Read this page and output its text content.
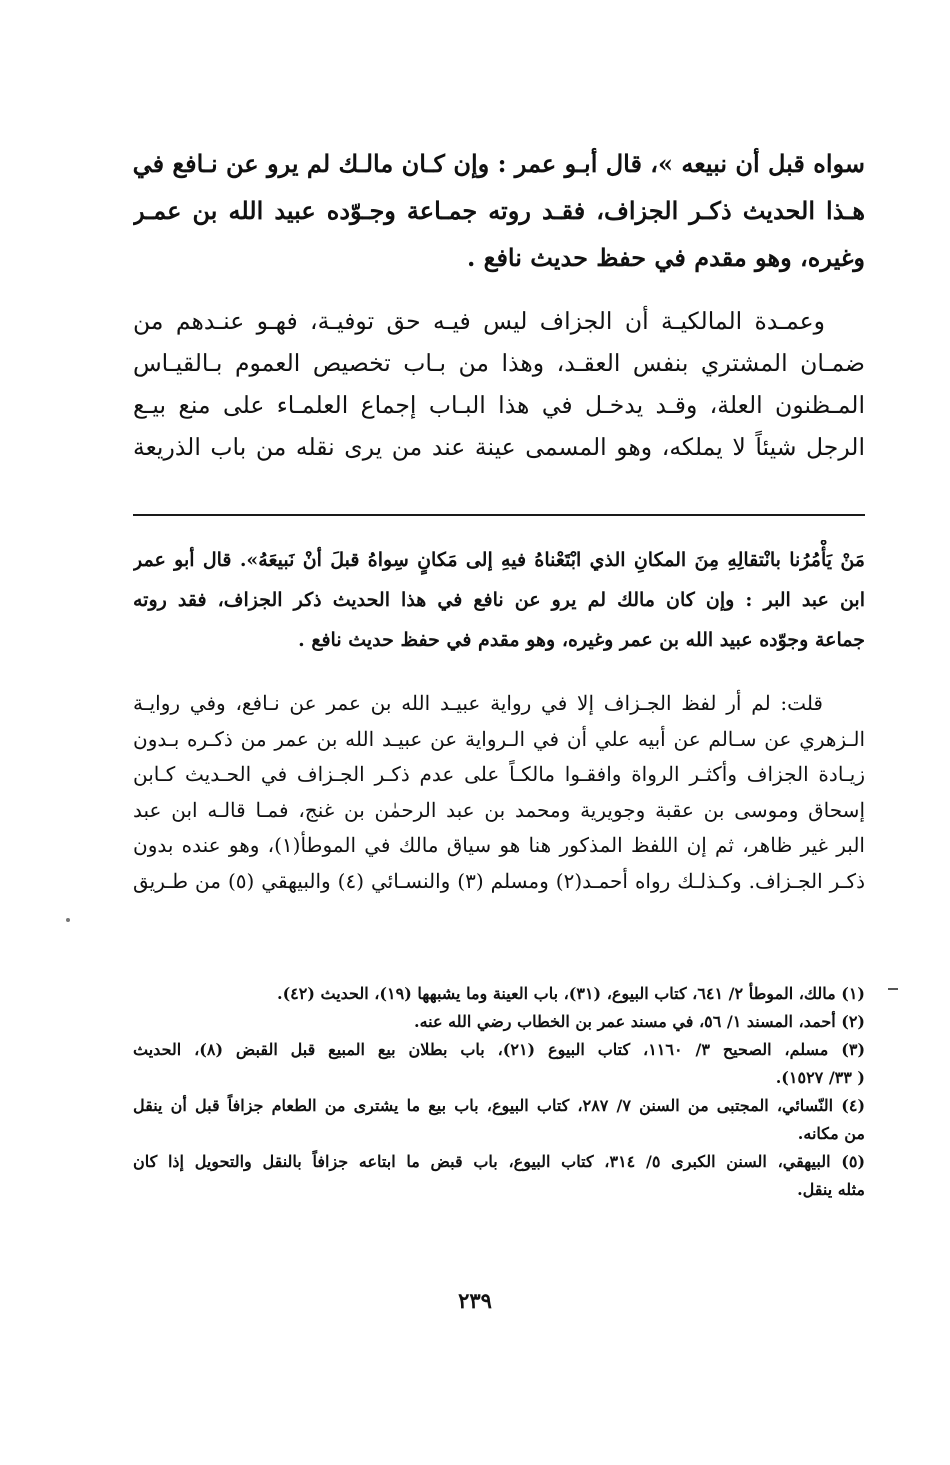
سواه قبل أن نبيعه »، قال أبـو عمر : وإن كـان مالـك لم يرو عن نـافع في
هـذا الحديث ذكـر الجزاف، فقـد روته جمـاعة وجـوّده عبيد الله بن عمـر
وغيره، وهو مقدم في حفظ حديث نافع .
وعمـدة المالكيـة أن الجزاف ليس فيـه حق توفيـة، فهـو عنـدهم من
ضمـان المشتري بنفس العقـد، وهذا من بـاب تخصيص العموم بـالقيـاس
المـظنون العلة، وقـد يدخـل في هذا البـاب إجماع العلمـاء على منع بيـع
الرجل شيئاً لا يملكه، وهو المسمى عينة عند من يرى نقله من باب الذريعة
مَنْ يَأْمُرُنا بانْتقالِهِ مِنَ المكانِ الذي ابْتَعْناهُ فيهِ إلى مَكانٍ سِواهُ قبلَ أنْ نَبيعَهُ». قال أبو عمر
ابن عبد البر : وإن كان مالك لم يرو عن نافع في هذا الحديث ذكر الجزاف، فقد روته
جماعة وجوّده عبيد الله بن عمر وغيره، وهو مقدم في حفظ حديث نافع .
قلت: لم أر لفظ الجـزاف إلا في رواية عبيـد الله بن عمر عن نـافع، وفي روايـة
الـزهري عن سـالم عن أبيه علي أن في الـرواية عن عبيـد الله بن عمر من ذكـره بـدون
زيـادة الجزاف وأكثـر الرواة وافقـوا مالكـاً على عدم ذكـر الجـزاف في الحـديث كـابن
إسحاق وموسى بن عقبة وجويرية ومحمد بن عبد الرحمٰن بن غنج، فمـا قالـه ابن عبد
البر غير ظاهر، ثم إن اللفظ المذكور هنا هو سياق مالك في الموطأ(١)، وهو عنده بدون
ذكـر الجـزاف. وكـذلـك رواه أحمـد(٢) ومسلم (٣) والنسـائي (٤) والبيهقي (٥) من طـريق
(١) مالك، الموطأ ٢/ ٦٤١، كتاب البيوع، (٣١)، باب العينة وما يشبهها (١٩)، الحديث (٤٢).
(٢) أحمد، المسند ١/ ٥٦، في مسند عمر بن الخطاب رضي الله عنه.
(٣) مسلم، الصحيح ٣/ ١١٦٠، كتاب البيوع (٢١)، باب بطلان بيع المبيع قبل القبض (٨)، الحديث
( ٣٣/ ١٥٢٧).
(٤) النّسائي، المجتبى من السنن ٧/ ٢٨٧، كتاب البيوع، باب بيع ما يشترى من الطعام جزافاً قبل أن ينقل
من مكانه.
(٥) البيهقي، السنن الكبرى ٥/ ٣١٤، كتاب البيوع، باب قبض ما ابتاعه جزافاً بالنقل والتحويل إذا كان
مثله ينقل.
٢٣٩
